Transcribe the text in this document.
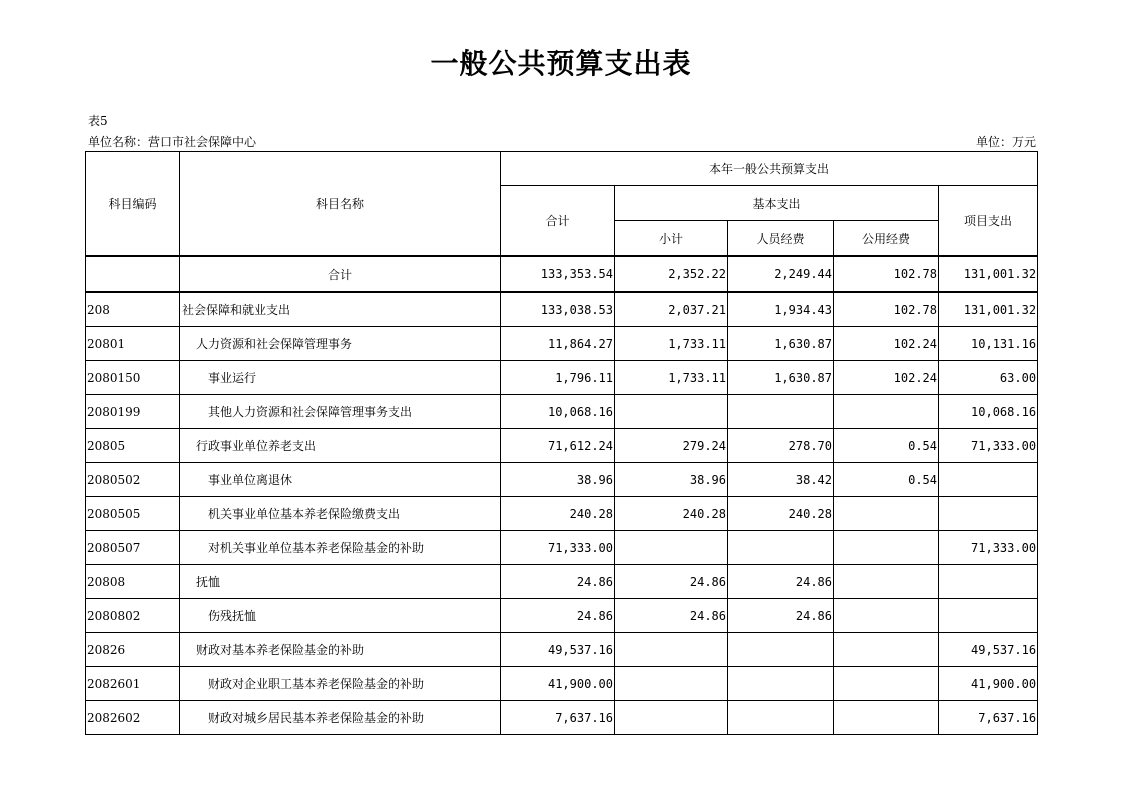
一般公共预算支出表
表5
单位名称：营口市社会保障中心	单位：万元
科目编码	科目名称	本年一般公共预算支出				
		合计	基本支出			项目支出
			小计	人员经费	公用经费	
	合计	133,353.54	2,352.22	2,249.44	102.78	131,001.32
208	社会保障和就业支出	133,038.53	2,037.21	1,934.43	102.78	131,001.32
20801	人力资源和社会保障管理事务	11,864.27	1,733.11	1,630.87	102.24	10,131.16
2080150	事业运行	1,796.11	1,733.11	1,630.87	102.24	63.00
2080199	其他人力资源和社会保障管理事务支出	10,068.16				10,068.16
20805	行政事业单位养老支出	71,612.24	279.24	278.70	0.54	71,333.00
2080502	事业单位离退休	38.96	38.96	38.42	0.54	
2080505	机关事业单位基本养老保险缴费支出	240.28	240.28	240.28		
2080507	对机关事业单位基本养老保险基金的补助	71,333.00				71,333.00
20808	抚恤	24.86	24.86	24.86		
2080802	伤残抚恤	24.86	24.86	24.86		
20826	财政对基本养老保险基金的补助	49,537.16				49,537.16
2082601	财政对企业职工基本养老保险基金的补助	41,900.00				41,900.00
2082602	财政对城乡居民基本养老保险基金的补助	7,637.16				7,637.16
